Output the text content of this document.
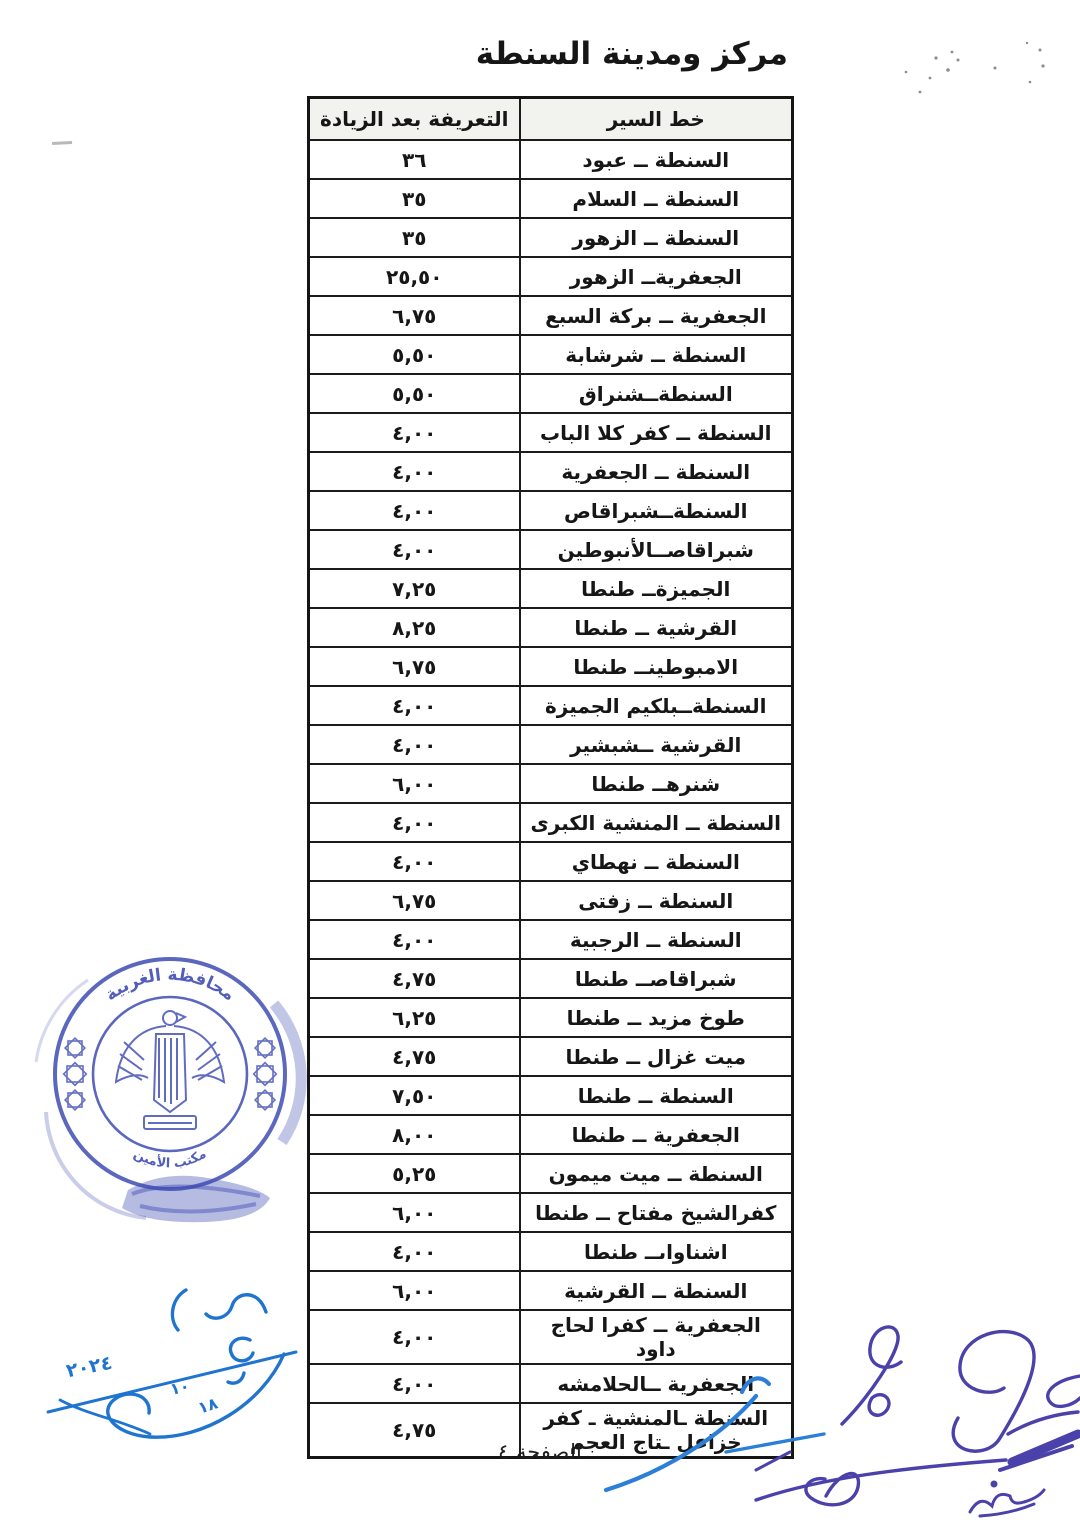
مركز ومدينة السنطة
خط السير	التعريفة بعد الزيادة
السنطة ــ عبود	٣٦
السنطة ــ السلام	٣٥
السنطة ــ الزهور	٣٥
الجعفريةــ الزهور	٢٥,٥٠
الجعفرية ــ بركة السبع	٦,٧٥
السنطة ــ شرشابة	٥,٥٠
السنطةــشنراق	٥,٥٠
السنطة ــ كفر كلا الباب	٤,٠٠
السنطة ــ الجعفرية	٤,٠٠
السنطةــشبراقاص	٤,٠٠
شبراقاصــالأنبوطين	٤,٠٠
الجميزةــ طنطا	٧,٢٥
القرشية ــ طنطا	٨,٢٥
الامبوطينــ طنطا	٦,٧٥
السنطةــبلكيم الجميزة	٤,٠٠
القرشية ــشبشير	٤,٠٠
شنرهــ طنطا	٦,٠٠
السنطة ــ المنشية الكبرى	٤,٠٠
السنطة ــ نهطاي	٤,٠٠
السنطة ــ زفتى	٦,٧٥
السنطة ــ الرجبية	٤,٠٠
شبراقاصــ طنطا	٤,٧٥
طوخ مزيد ــ طنطا	٦,٢٥
ميت غزال ــ طنطا	٤,٧٥
السنطة ــ طنطا	٧,٥٠
الجعفرية ــ طنطا	٨,٠٠
السنطة ــ ميت ميمون	٥,٢٥
كفرالشيخ مفتاح ــ طنطا	٦,٠٠
اشناواىــ طنطا	٤,٠٠
السنطة ــ القرشية	٦,٠٠
الجعفرية ــ كفرا لحاج داود	٤,٠٠
الجعفرية ــالحلامشه	٤,٠٠
السنطة ـالمنشية ـ كفر خزاعل ـتاج العجم	٤,٧٥
محافظة الغربية
مكتب الأمين
٢٠٢٤
١٠
١٨
الصفحة ٤
